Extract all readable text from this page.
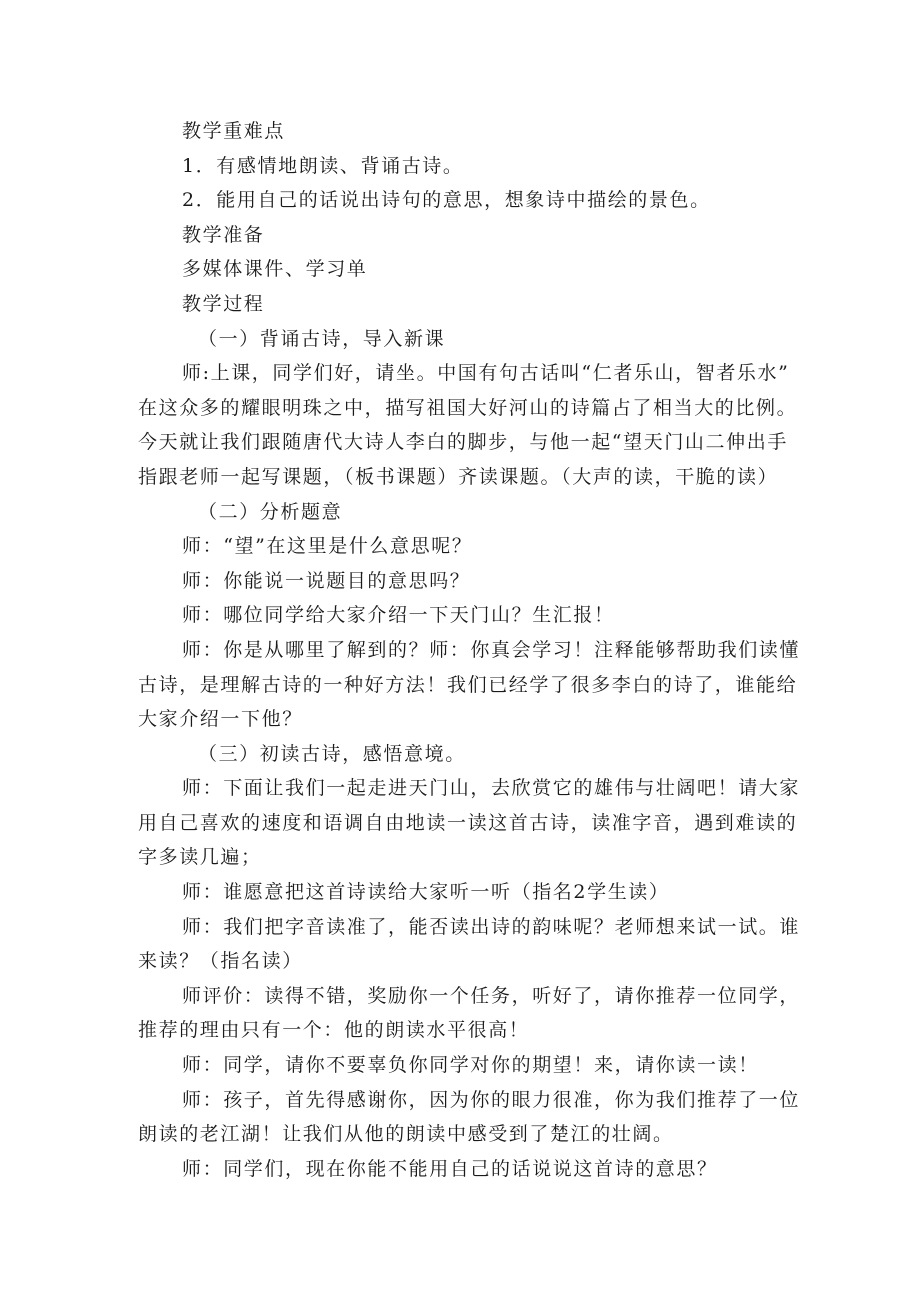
教学重难点

1．有感情地朗读、背诵古诗。

2．能用自己的话说出诗句的意思，想象诗中描绘的景色。

教学准备

多媒体课件、学习单

教学过程

（一）背诵古诗，导入新课

师:上课，同学们好，请坐。中国有句古话叫“仁者乐山，智者乐水”

在这众多的耀眼明珠之中，描写祖国大好河山的诗篇占了相当大的比例。

今天就让我们跟随唐代大诗人李白的脚步，与他一起“望天门山二伸出手

指跟老师一起写课题，（板书课题）齐读课题。（大声的读，干脆的读）

（二）分析题意

师：“望”在这里是什么意思呢？

师：你能说一说题目的意思吗？

师：哪位同学给大家介绍一下天门山？生汇报！

师：你是从哪里了解到的？师：你真会学习！注释能够帮助我们读懂

古诗，是理解古诗的一种好方法！我们已经学了很多李白的诗了，谁能给

大家介绍一下他？

（三）初读古诗，感悟意境。

师：下面让我们一起走进天门山，去欣赏它的雄伟与壮阔吧！请大家

用自己喜欢的速度和语调自由地读一读这首古诗，读准字音，遇到难读的

字多读几遍；

师：谁愿意把这首诗读给大家听一听（指名2学生读）

师：我们把字音读准了，能否读出诗的韵味呢？老师想来试一试。谁

来读？（指名读）

师评价：读得不错，奖励你一个任务，听好了，请你推荐一位同学，

推荐的理由只有一个：他的朗读水平很高！

师：同学，请你不要辜负你同学对你的期望！来，请你读一读！

师：孩子，首先得感谢你，因为你的眼力很准，你为我们推荐了一位

朗读的老江湖！让我们从他的朗读中感受到了楚江的壮阔。

师：同学们，现在你能不能用自己的话说说这首诗的意思？
